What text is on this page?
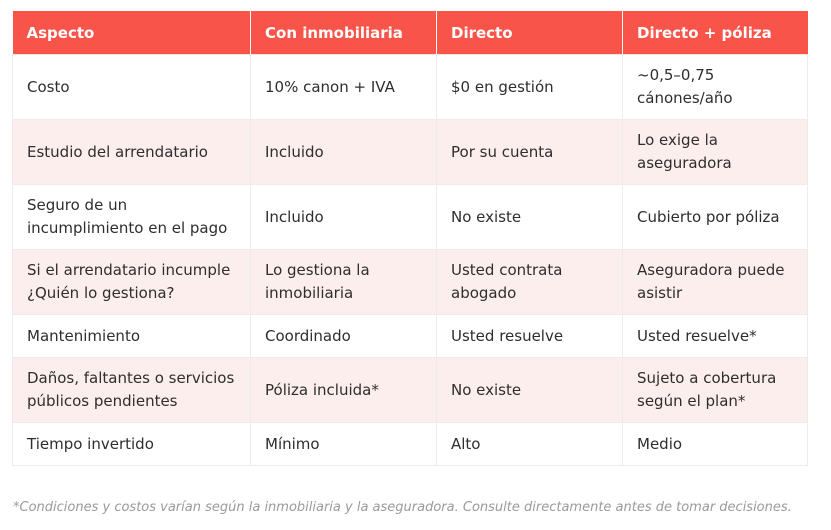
Aspecto	Con inmobiliaria	Directo	Directo + póliza
Costo	10% canon + IVA	$0 en gestión	~0,5–0,75 cánones/año
Estudio del arrendatario	Incluido	Por su cuenta	Lo exige la aseguradora
Seguro de un incumplimiento en el pago	Incluido	No existe	Cubierto por póliza
Si el arrendatario incumple ¿Quién lo gestiona?	Lo gestiona la inmobiliaria	Usted contrata abogado	Aseguradora puede asistir
Mantenimiento	Coordinado	Usted resuelve	Usted resuelve*
Daños, faltantes o servicios públicos pendientes	Póliza incluida*	No existe	Sujeto a cobertura según el plan*
Tiempo invertido	Mínimo	Alto	Medio
*Condiciones y costos varían según la inmobiliaria y la aseguradora. Consulte directamente antes de tomar decisiones.
